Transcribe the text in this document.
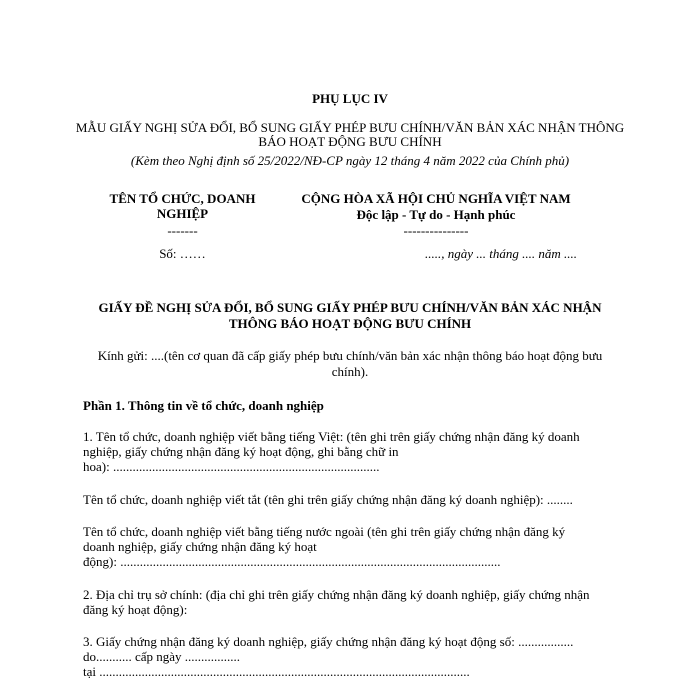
PHỤ LỤC IV
MẪU GIẤY NGHỊ SỬA ĐỔI, BỔ SUNG GIẤY PHÉP BƯU CHÍNH/VĂN BẢN XÁC NHẬN THÔNG BÁO HOẠT ĐỘNG BƯU CHÍNH
(Kèm theo Nghị định số 25/2022/NĐ-CP ngày 12 tháng 4 năm 2022 của Chính phủ)
TÊN TỔ CHỨC, DOANH NGHIỆP
-------
Số: ……
CỘNG HÒA XÃ HỘI CHỦ NGHĨA VIỆT NAM
Độc lập - Tự do - Hạnh phúc
---------------
....., ngày ... tháng .... năm ....
GIẤY ĐỀ NGHỊ SỬA ĐỔI, BỔ SUNG GIẤY PHÉP BƯU CHÍNH/VĂN BẢN XÁC NHẬN THÔNG BÁO HOẠT ĐỘNG BƯU CHÍNH
Kính gửi: ....(tên cơ quan đã cấp giấy phép bưu chính/văn bản xác nhận thông báo hoạt động bưu chính).
Phần 1. Thông tin về tổ chức, doanh nghiệp
1. Tên tổ chức, doanh nghiệp viết bằng tiếng Việt: (tên ghi trên giấy chứng nhận đăng ký doanh
nghiệp, giấy chứng nhận đăng ký hoạt động, ghi bằng chữ in
hoa): ..................................................................................
Tên tổ chức, doanh nghiệp viết tắt (tên ghi trên giấy chứng nhận đăng ký doanh nghiệp): ........
Tên tổ chức, doanh nghiệp viết bằng tiếng nước ngoài (tên ghi trên giấy chứng nhận đăng ký
doanh nghiệp, giấy chứng nhận đăng ký hoạt
động): .....................................................................................................................
2. Địa chỉ trụ sở chính: (địa chỉ ghi trên giấy chứng nhận đăng ký doanh nghiệp, giấy chứng nhận
đăng ký hoạt động):
3. Giấy chứng nhận đăng ký doanh nghiệp, giấy chứng nhận đăng ký hoạt động số: .................
do........... cấp ngày .................
tại ..................................................................................................................
